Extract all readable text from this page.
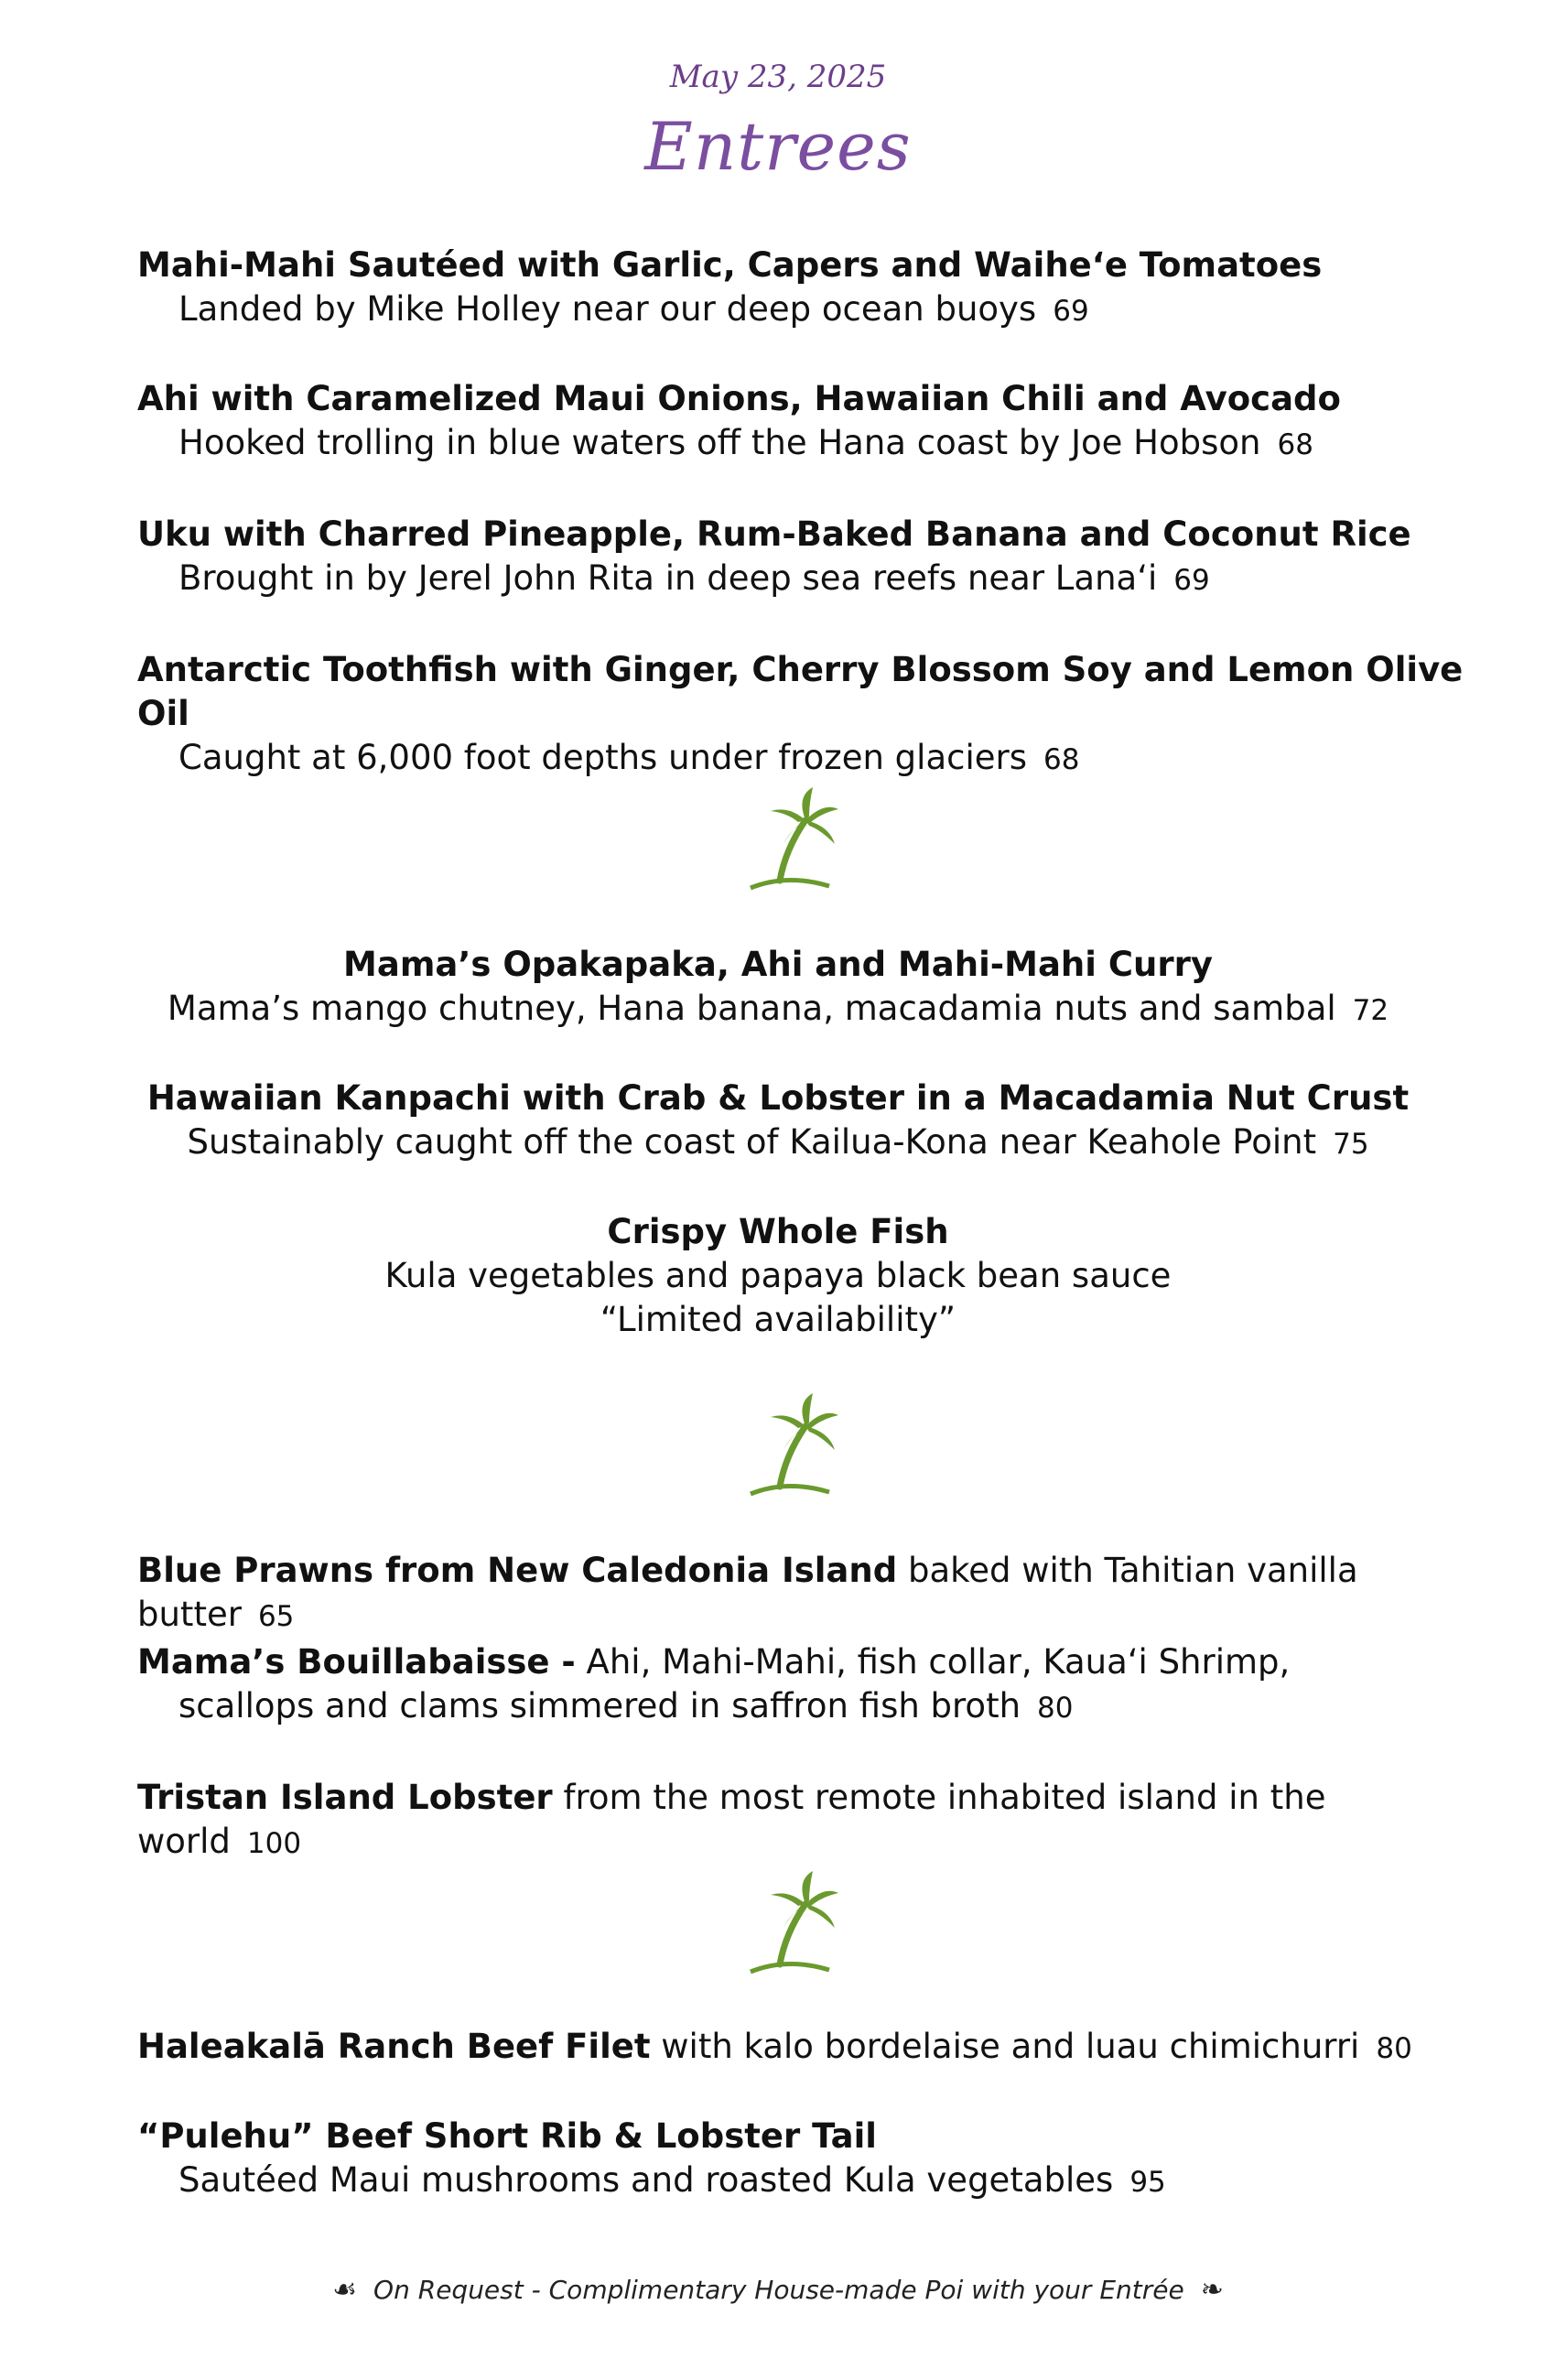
May 23, 2025
Entrees
Mahi-Mahi Sautéed with Garlic, Capers and Waihe‘e Tomatoes
Landed by Mike Holley near our deep ocean buoys 69
Ahi with Caramelized Maui Onions, Hawaiian Chili and Avocado
Hooked trolling in blue waters off the Hana coast by Joe Hobson 68
Uku with Charred Pineapple, Rum-Baked Banana and Coconut Rice
Brought in by Jerel John Rita in deep sea reefs near Lana‘i 69
Antarctic Toothfish with Ginger, Cherry Blossom Soy and Lemon Olive Oil
Caught at 6,000 foot depths under frozen glaciers 68
Mama’s Opakapaka, Ahi and Mahi-Mahi Curry
Mama’s mango chutney, Hana banana, macadamia nuts and sambal 72
Hawaiian Kanpachi with Crab & Lobster in a Macadamia Nut Crust
Sustainably caught off the coast of Kailua-Kona near Keahole Point 75
Crispy Whole Fish
Kula vegetables and papaya black bean sauce
“Limited availability”
Blue Prawns from New Caledonia Island baked with Tahitian vanilla butter 65
Mama’s Bouillabaisse - Ahi, Mahi-Mahi, fish collar, Kaua‘i Shrimp,
scallops and clams simmered in saffron fish broth 80
Tristan Island Lobster from the most remote inhabited island in the world 100
Haleakalā Ranch Beef Filet with kalo bordelaise and luau chimichurri 80
“Pulehu” Beef Short Rib & Lobster Tail
Sautéed Maui mushrooms and roasted Kula vegetables 95
☙ On Request - Complimentary House-made Poi with your Entrée ❧
